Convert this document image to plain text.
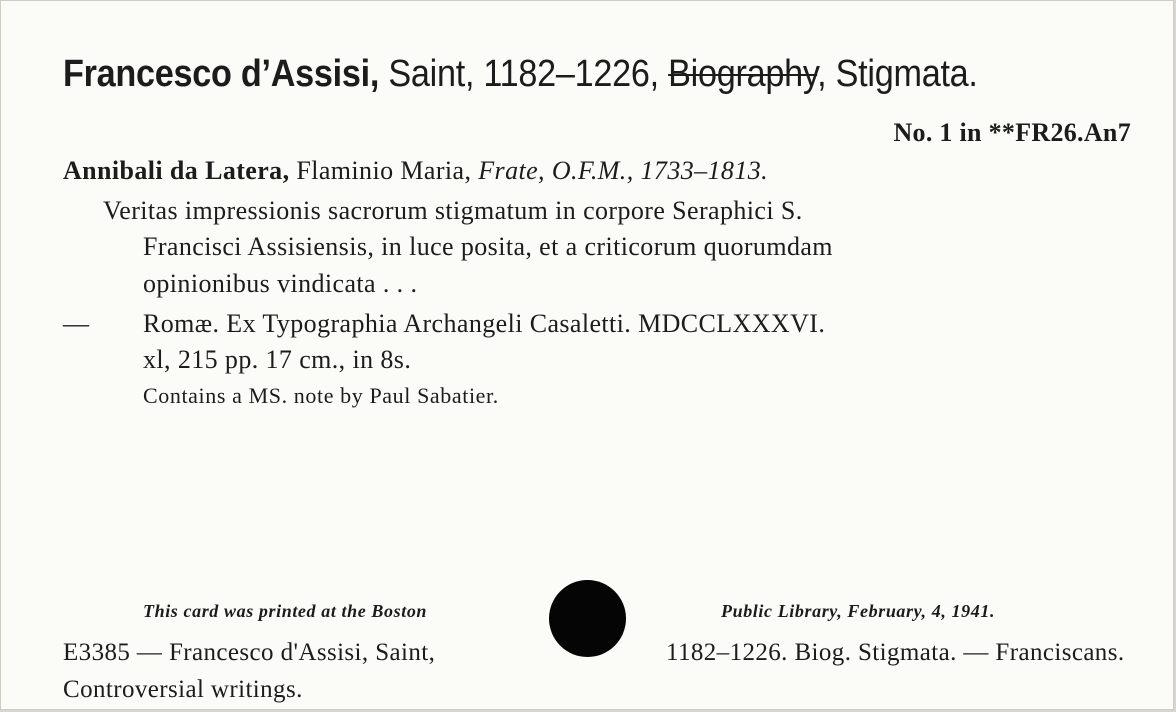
Francesco d’Assisi, Saint, 1182–1226, Biography, Stigmata.
No. 1 in **FR26.An7
Annibali da Latera, Flaminio Maria, Frate, O.F.M., 1733–1813.
Veritas impressionis sacrorum stigmatum in corpore Seraphici S.
Francisci Assisiensis, in luce posita, et a criticorum quorumdam
opinionibus vindicata . . .
— Romæ. Ex Typographia Archangeli Casaletti. MDCCLXXXVI.
xl, 215 pp. 17 cm., in 8s.
Contains a MS. note by Paul Sabatier.
This card was printed at the Boston	Public Library, February, 4, 1941.
E3385 — Francesco d'Assisi, Saint,	1182–1226. Biog. Stigmata. — Franciscans.
Controversial writings.
